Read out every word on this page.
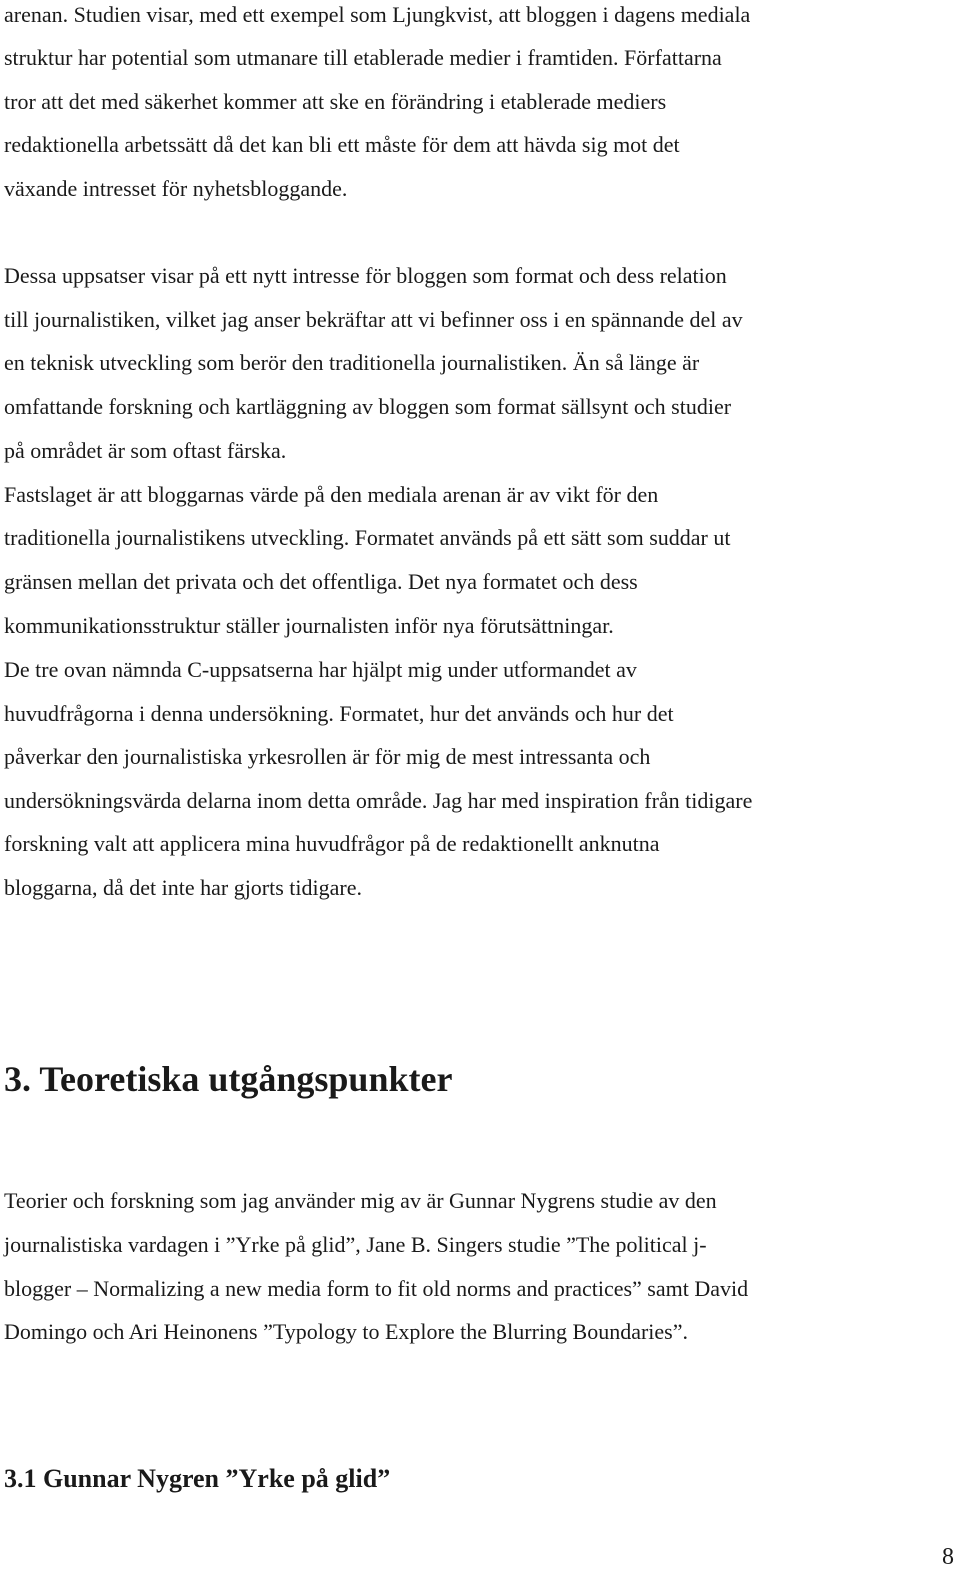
arenan. Studien visar, med ett exempel som Ljungkvist, att bloggen i dagens mediala

struktur har potential som utmanare till etablerade medier i framtiden. Författarna

tror att det med säkerhet kommer att ske en förändring i etablerade mediers

redaktionella arbetssätt då det kan bli ett måste för dem att hävda sig mot det

växande intresset för nyhetsbloggande.

Dessa uppsatser visar på ett nytt intresse för bloggen som format och dess relation

till journalistiken, vilket jag anser bekräftar att vi befinner oss i en spännande del av

en teknisk utveckling som berör den traditionella journalistiken. Än så länge är

omfattande forskning och kartläggning av bloggen som format sällsynt och studier

på området är som oftast färska.

Fastslaget är att bloggarnas värde på den mediala arenan är av vikt för den

traditionella journalistikens utveckling. Formatet används på ett sätt som suddar ut

gränsen mellan det privata och det offentliga. Det nya formatet och dess

kommunikationsstruktur ställer journalisten inför nya förutsättningar.

De tre ovan nämnda C-uppsatserna har hjälpt mig under utformandet av

huvudfrågorna i denna undersökning. Formatet, hur det används och hur det

påverkar den journalistiska yrkesrollen är för mig de mest intressanta och

undersökningsvärda delarna inom detta område. Jag har med inspiration från tidigare

forskning valt att applicera mina huvudfrågor på de redaktionellt anknutna

bloggarna, då det inte har gjorts tidigare.

3. Teoretiska utgångspunkter

Teorier och forskning som jag använder mig av är Gunnar Nygrens studie av den

journalistiska vardagen i ”Yrke på glid”, Jane B. Singers studie ”The political j-

blogger – Normalizing a new media form to fit old norms and practices” samt David

Domingo och Ari Heinonens ”Typology to Explore the Blurring Boundaries”.

3.1 Gunnar Nygren ”Yrke på glid”

8
